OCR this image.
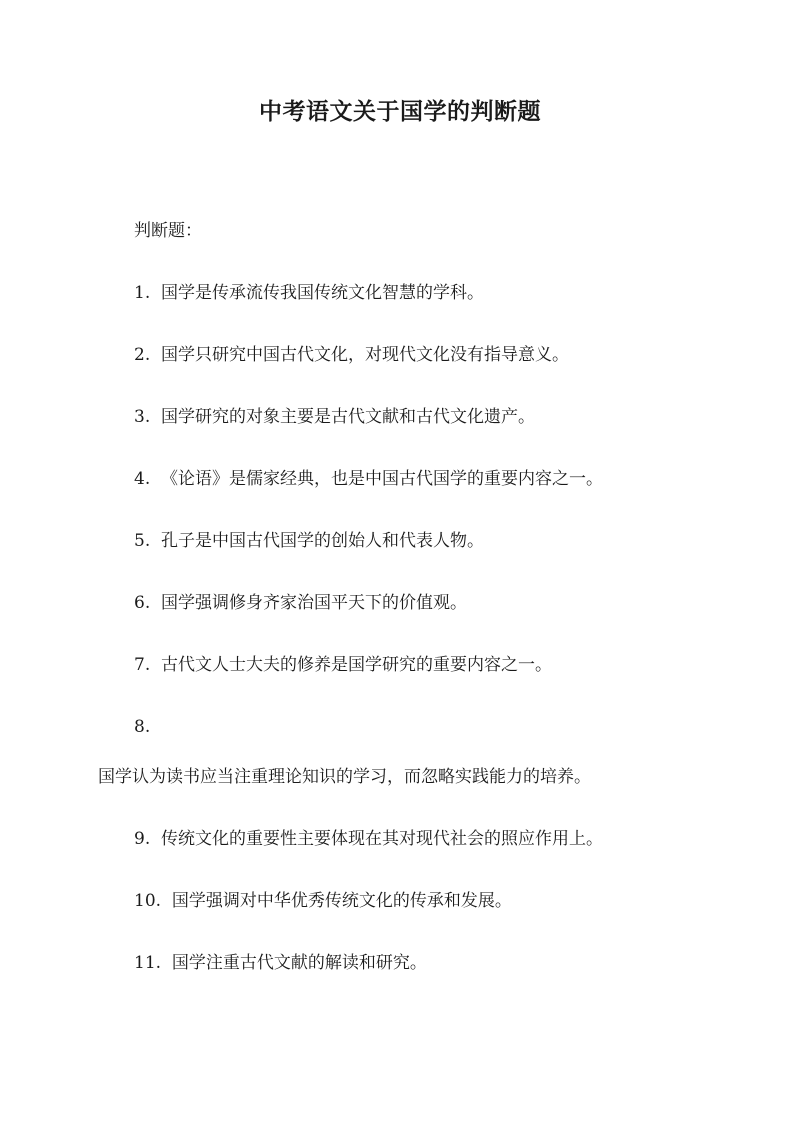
中考语文关于国学的判断题
判断题：
1. 国学是传承流传我国传统文化智慧的学科。
2. 国学只研究中国古代文化，对现代文化没有指导意义。
3. 国学研究的对象主要是古代文献和古代文化遗产。
4. 《论语》是儒家经典，也是中国古代国学的重要内容之一。
5. 孔子是中国古代国学的创始人和代表人物。
6. 国学强调修身齐家治国平天下的价值观。
7. 古代文人士大夫的修养是国学研究的重要内容之一。
8.
国学认为读书应当注重理论知识的学习，而忽略实践能力的培养。
9. 传统文化的重要性主要体现在其对现代社会的照应作用上。
10. 国学强调对中华优秀传统文化的传承和发展。
11. 国学注重古代文献的解读和研究。
